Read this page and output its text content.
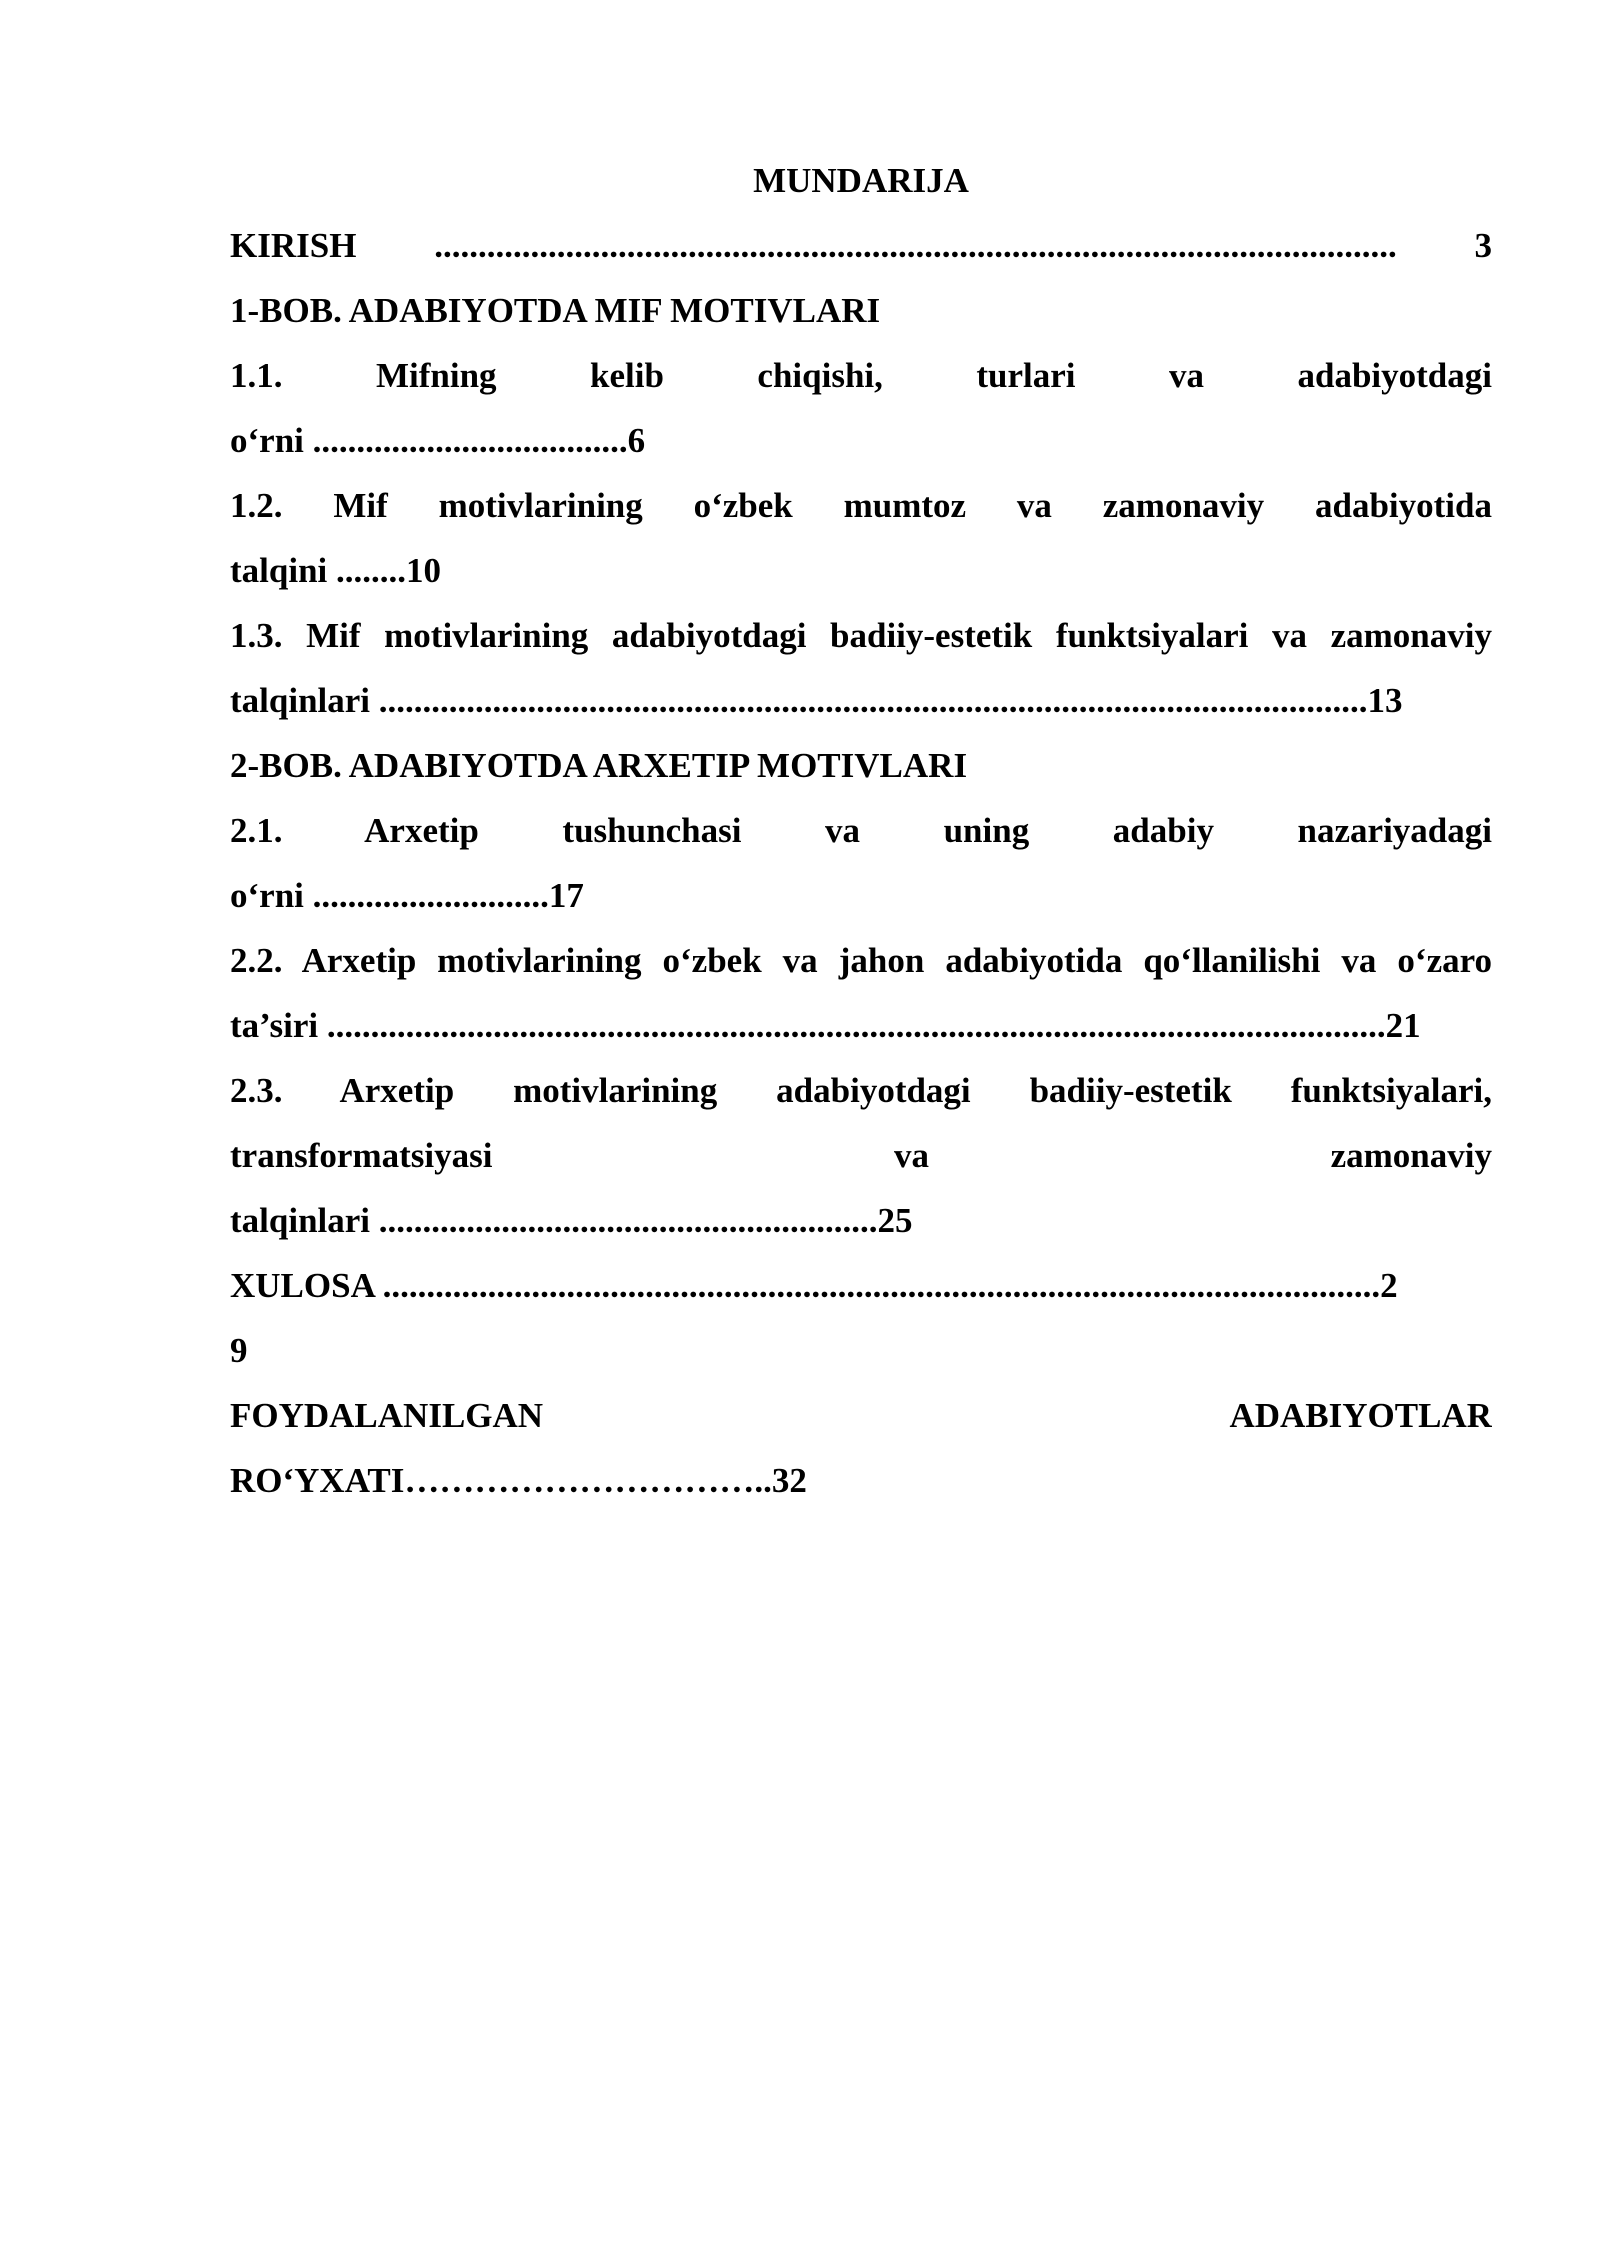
MUNDARIJA
KIRISH .............................................................................................................. 3
1-BOB. ADABIYOTDA MIF MOTIVLARI
1.1. Mifning kelib chiqishi, turlari va adabiyotdagi
o‘rni ....................................6
1.2. Mif motivlarining o‘zbek mumtoz va zamonaviy adabiyotida
talqini ........10
1.3. Mif motivlarining adabiyotdagi badiiy-estetik funktsiyalari va zamonaviy
talqinlari .................................................................................................................13
2-BOB. ADABIYOTDA ARXETIP MOTIVLARI
2.1. Arxetip tushunchasi va uning adabiy nazariyadagi
o‘rni ...........................17
2.2. Arxetip motivlarining o‘zbek va jahon adabiyotida qo‘llanilishi va o‘zaro
ta’siri .........................................................................................................................21
2.3. Arxetip motivlarining adabiyotdagi badiiy-estetik funktsiyalari,
transformatsiyasi va zamonaviy
talqinlari .........................................................25
XULOSA ..................................................................................................................2
9
FOYDALANILGAN ADABIYOTLAR
RO‘YXATI…………………………..32
